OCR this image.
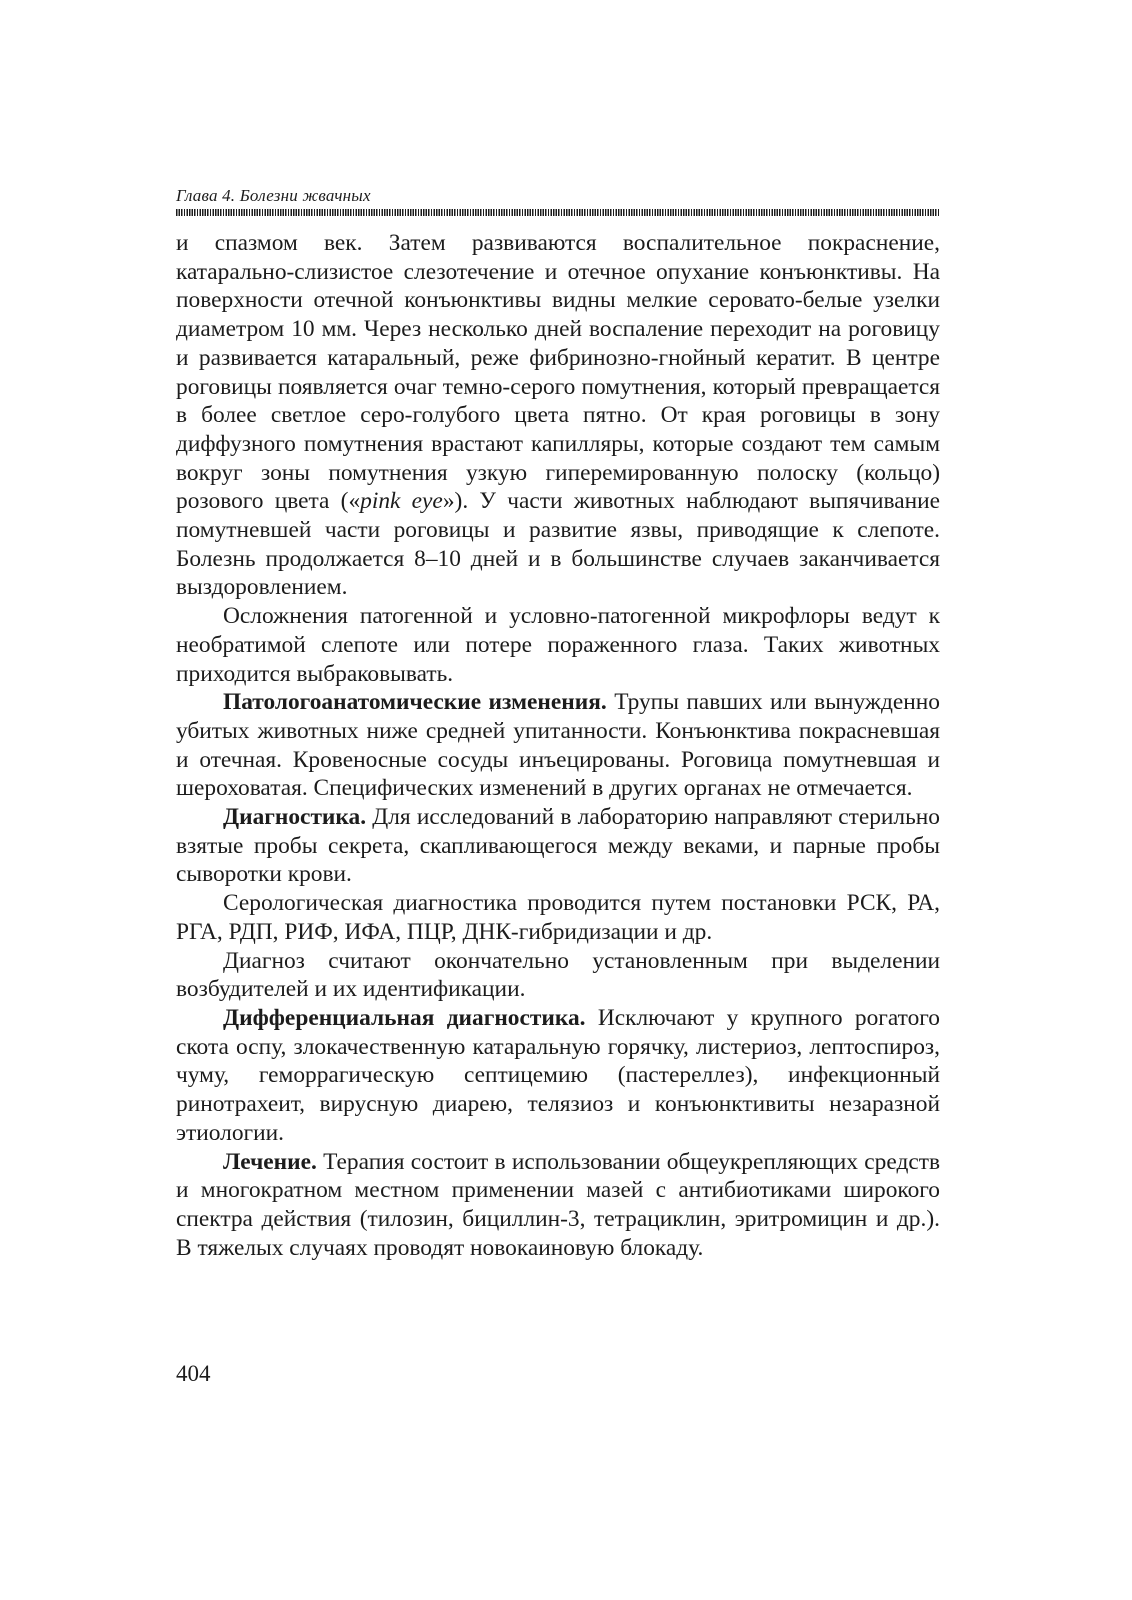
Глава 4. Болезни жвачных

и спазмом век. Затем развиваются воспалительное покраснение, катарально-слизистое слезотечение и отечное опухание конъюнктивы. На поверхности отечной конъюнктивы видны мелкие серовато-белые узелки диаметром 10 мм. Через несколько дней воспаление переходит на роговицу и развивается катаральный, реже фибринозно-гнойный кератит. В центре роговицы появляется очаг темно-серого помутнения, который превращается в более светлое серо-голубого цвета пятно. От края роговицы в зону диффузного помутнения врастают капилляры, которые создают тем самым вокруг зоны помутнения узкую гиперемированную полоску (кольцо) розового цвета («pink eye»). У части животных наблюдают выпячивание помутневшей части роговицы и развитие язвы, приводящие к слепоте. Болезнь продолжается 8–10 дней и в большинстве случаев заканчивается выздоровлением.

Осложнения патогенной и условно-патогенной микрофлоры ведут к необратимой слепоте или потере пораженного глаза. Таких животных приходится выбраковывать.

Патологоанатомические изменения. Трупы павших или вынужденно убитых животных ниже средней упитанности. Конъюнктива покрасневшая и отечная. Кровеносные сосуды инъецированы. Роговица помутневшая и шероховатая. Специфических изменений в других органах не отмечается.

Диагностика. Для исследований в лабораторию направляют стерильно взятые пробы секрета, скапливающегося между веками, и парные пробы сыворотки крови.

Серологическая диагностика проводится путем постановки РСК, РА, РГА, РДП, РИФ, ИФА, ПЦР, ДНК-гибридизации и др.

Диагноз считают окончательно установленным при выделении возбудителей и их идентификации.

Дифференциальная диагностика. Исключают у крупного рогатого скота оспу, злокачественную катаральную горячку, листериоз, лептоспироз, чуму, геморрагическую септицемию (пастереллез), инфекционный ринотрахеит, вирусную диарею, телязиоз и конъюнктивиты незаразной этиологии.

Лечение. Терапия состоит в использовании общеукрепляющих средств и многократном местном применении мазей с антибиотиками широкого спектра действия (тилозин, бициллин-3, тетрациклин, эритромицин и др.). В тяжелых случаях проводят новокаиновую блокаду.

404
